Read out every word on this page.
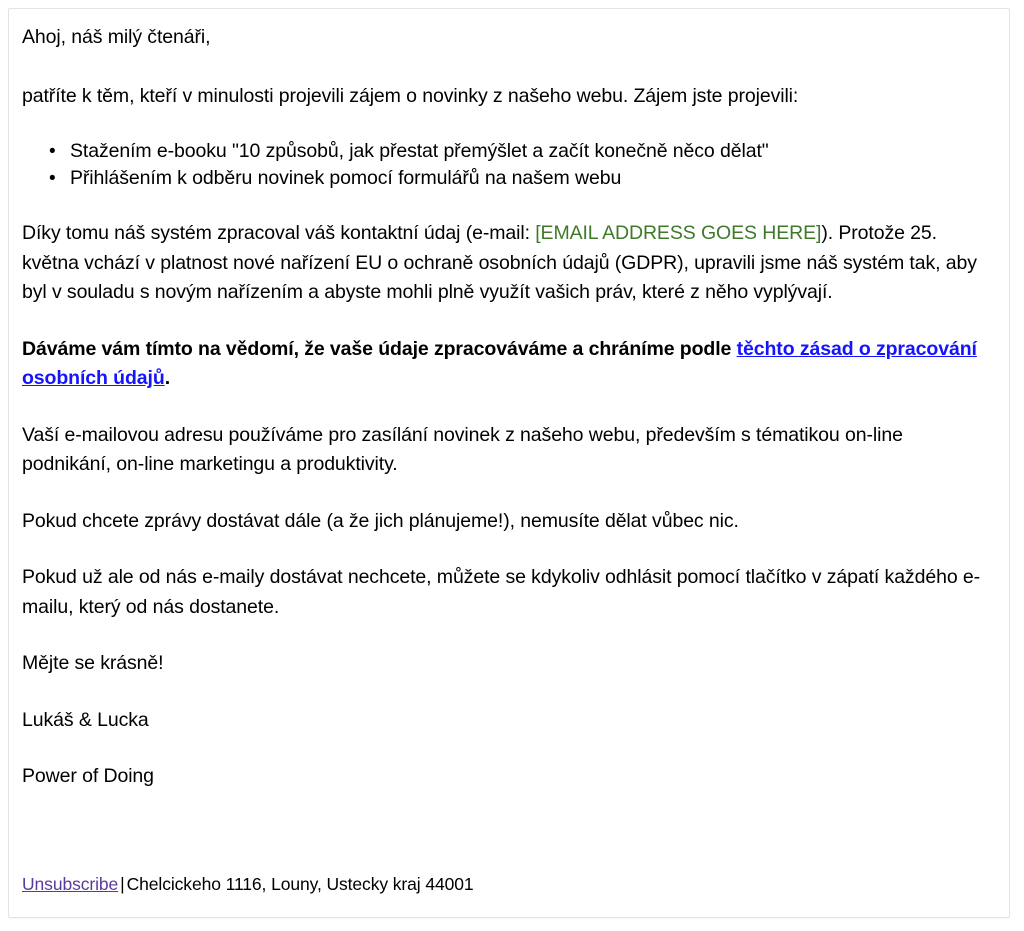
Ahoj, náš milý čtenáři,

patříte k těm, kteří v minulosti projevili zájem o novinky z našeho webu. Zájem jste projevili:

• Stažením e-booku "10 způsobů, jak přestat přemýšlet a začít konečně něco dělat"
• Přihlášením k odběru novinek pomocí formulářů na našem webu

Díky tomu náš systém zpracoval váš kontaktní údaj (e-mail: [EMAIL ADDRESS GOES HERE]). Protože 25. května vchází v platnost nové nařízení EU o ochraně osobních údajů (GDPR), upravili jsme náš systém tak, aby byl v souladu s novým nařízením a abyste mohli plně využít vašich práv, které z něho vyplývají.

Dáváme vám tímto na vědomí, že vaše údaje zpracováváme a chráníme podle těchto zásad o zpracování osobních údajů.

Vaší e-mailovou adresu používáme pro zasílání novinek z našeho webu, především s tématikou on-line podnikání, on-line marketingu a produktivity.

Pokud chcete zprávy dostávat dále (a že jich plánujeme!), nemusíte dělat vůbec nic.

Pokud už ale od nás e-maily dostávat nechcete, můžete se kdykoliv odhlásit pomocí tlačítko v zápatí každého e-mailu, který od nás dostanete.

Mějte se krásně!

Lukáš & Lucka

Power of Doing

Unsubscribe | Chelcickeho 1116, Louny, Ustecky kraj 44001
